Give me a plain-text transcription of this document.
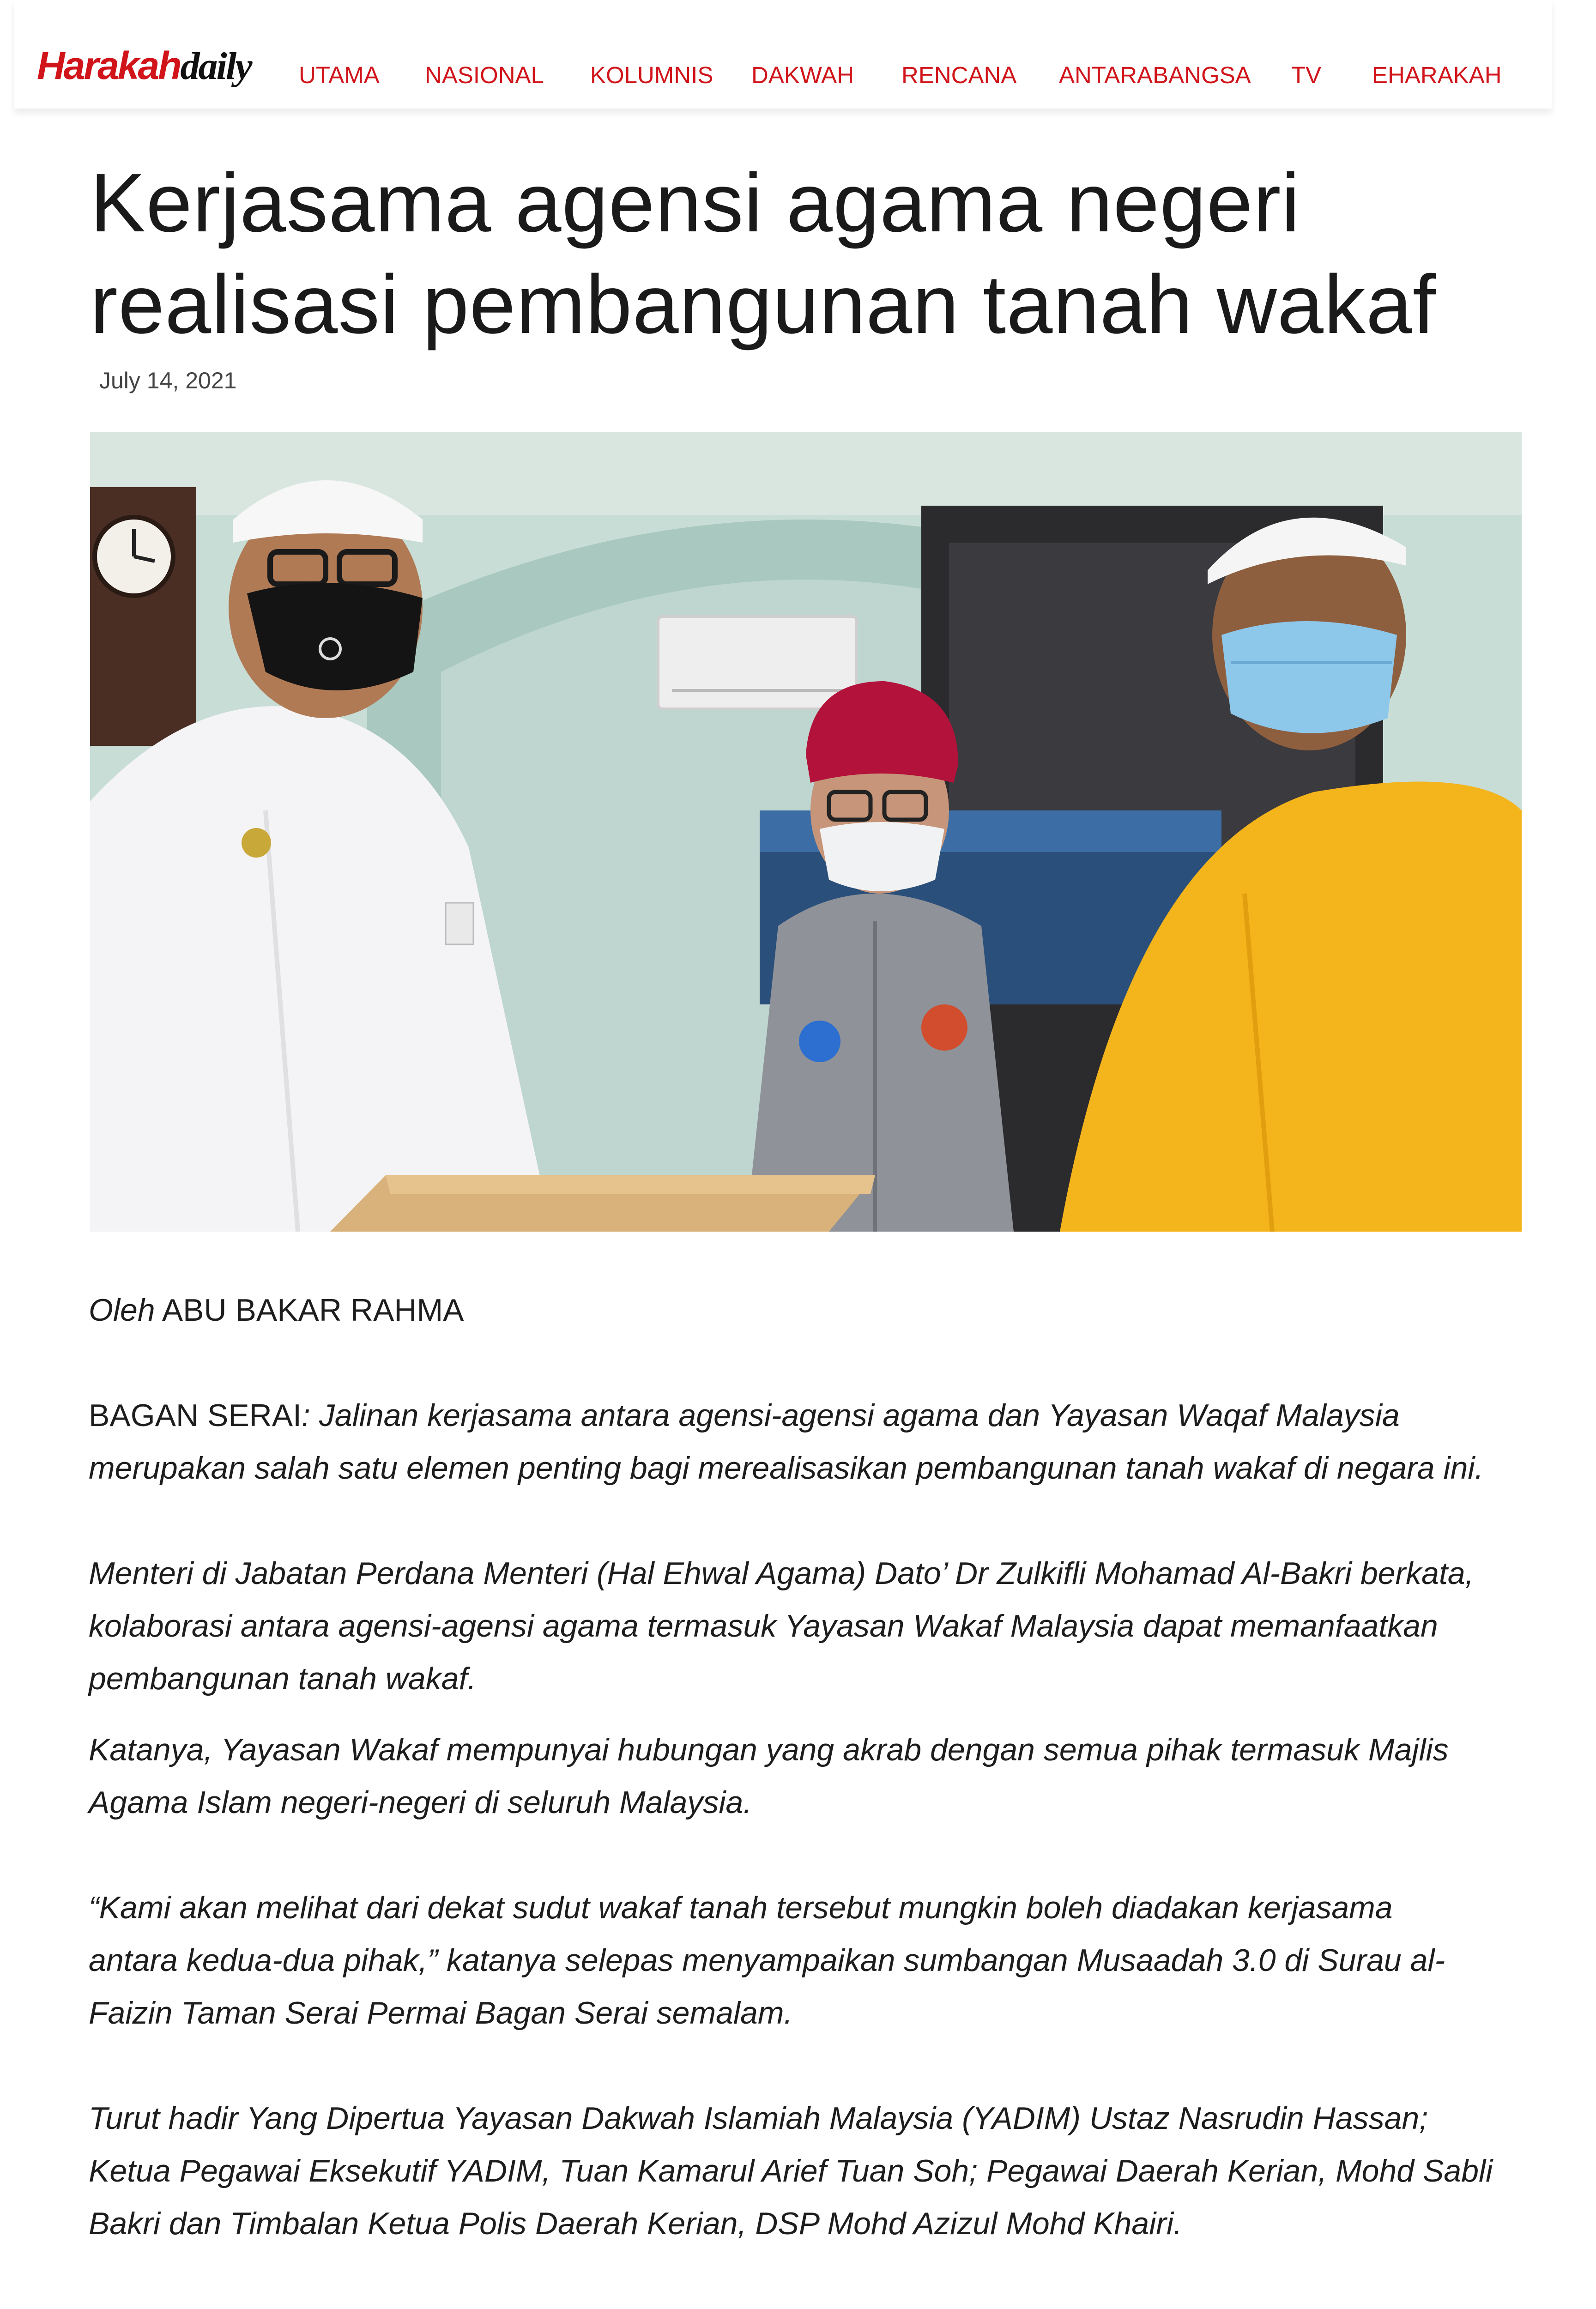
Harakahdaily UTAMA NASIONAL KOLUMNIS DAKWAH RENCANA ANTARABANGSA TV EHARAKAH
Kerjasama agensi agama negeri
realisasi pembangunan tanah wakaf
July 14, 2021

Oleh ABU BAKAR RAHMA

BAGAN SERAI: Jalinan kerjasama antara agensi-agensi agama dan Yayasan Waqaf Malaysia
merupakan salah satu elemen penting bagi merealisasikan pembangunan tanah wakaf di negara ini.

Menteri di Jabatan Perdana Menteri (Hal Ehwal Agama) Dato’ Dr Zulkifli Mohamad Al-Bakri berkata,
kolaborasi antara agensi-agensi agama termasuk Yayasan Wakaf Malaysia dapat memanfaatkan
pembangunan tanah wakaf.

Katanya, Yayasan Wakaf mempunyai hubungan yang akrab dengan semua pihak termasuk Majlis
Agama Islam negeri-negeri di seluruh Malaysia.

“Kami akan melihat dari dekat sudut wakaf tanah tersebut mungkin boleh diadakan kerjasama
antara kedua-dua pihak,” katanya selepas menyampaikan sumbangan Musaadah 3.0 di Surau al-
Faizin Taman Serai Permai Bagan Serai semalam.

Turut hadir Yang Dipertua Yayasan Dakwah Islamiah Malaysia (YADIM) Ustaz Nasrudin Hassan;
Ketua Pegawai Eksekutif YADIM, Tuan Kamarul Arief Tuan Soh; Pegawai Daerah Kerian, Mohd Sabli
Bakri dan Timbalan Ketua Polis Daerah Kerian, DSP Mohd Azizul Mohd Khairi.
